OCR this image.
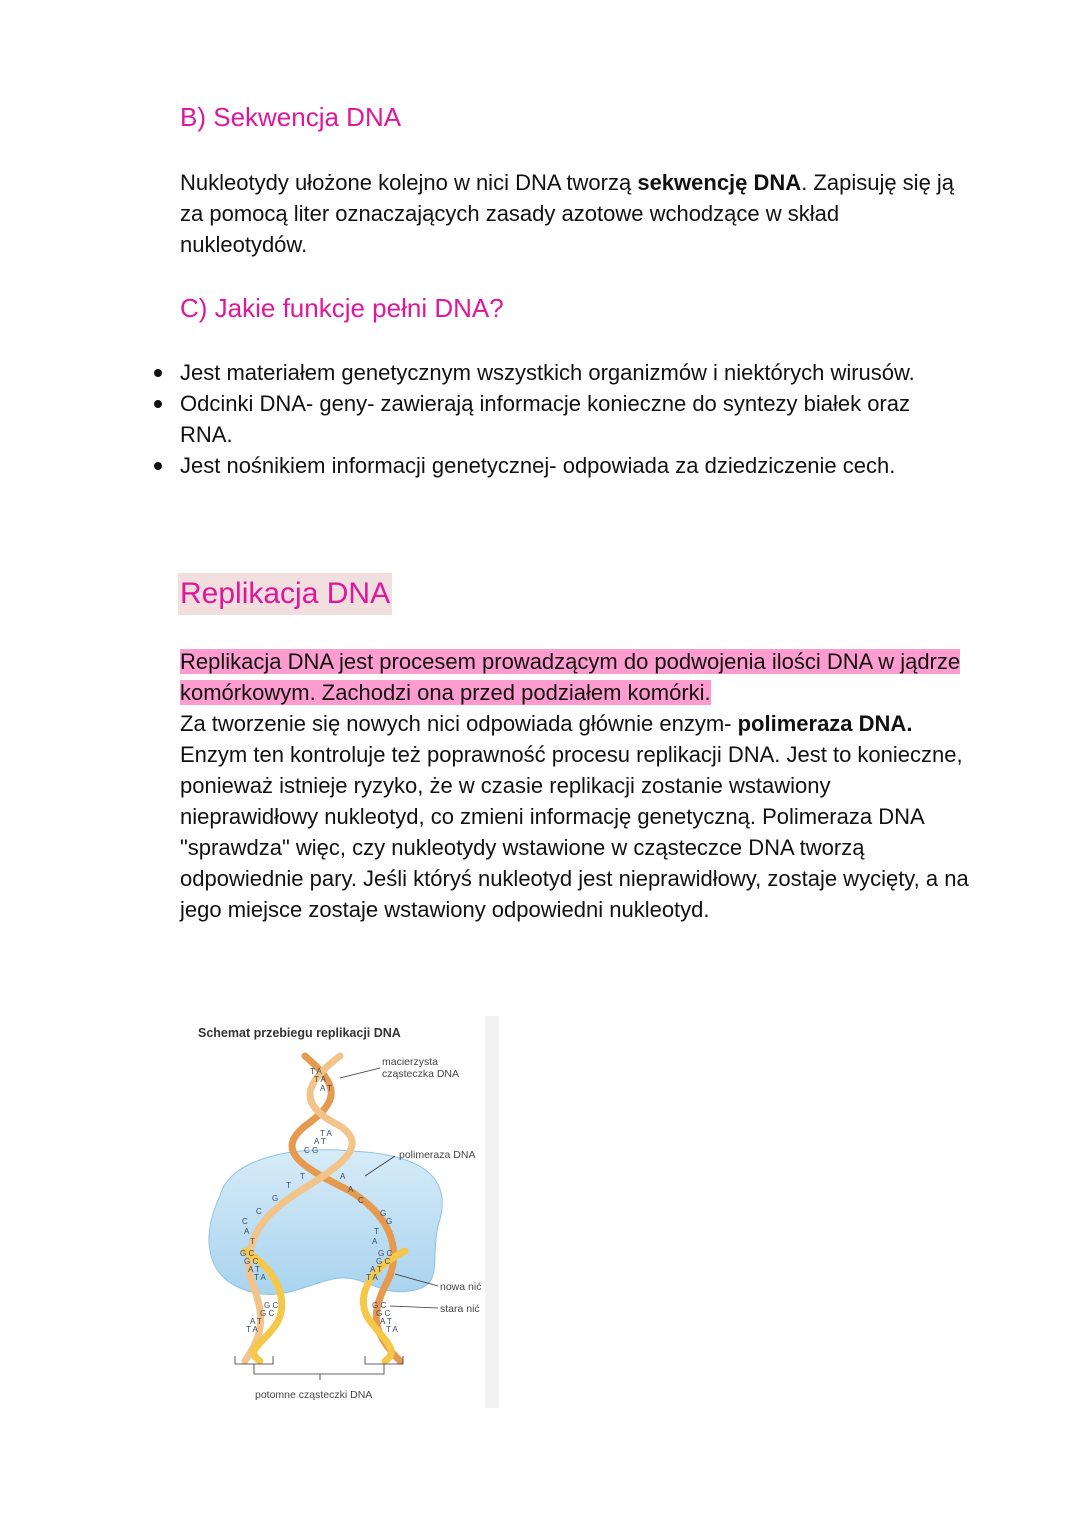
B) Sekwencja DNA
Nukleotydy ułożone kolejno w nici DNA tworzą sekwencję DNA. Zapisuję się ją za pomocą liter oznaczających zasady azotowe wchodzące w skład nukleotydów.
C) Jakie funkcje pełni DNA?
Jest materiałem genetycznym wszystkich organizmów i niektórych wirusów.
Odcinki DNA- geny- zawierają informacje konieczne do syntezy białek oraz RNA.
Jest nośnikiem informacji genetycznej- odpowiada za dziedziczenie cech.
Replikacja DNA
Replikacja DNA jest procesem prowadzącym do podwojenia ilości DNA w jądrze komórkowym. Zachodzi ona przed podziałem komórki.
Za tworzenie się nowych nici odpowiada głównie enzym- polimeraza DNA. Enzym ten kontroluje też poprawność procesu replikacji DNA. Jest to konieczne, ponieważ istnieje ryzyko, że w czasie replikacji zostanie wstawiony nieprawidłowy nukleotyd, co zmieni informację genetyczną. Polimeraza DNA "sprawdza" więc, czy nukleotydy wstawione w cząsteczce DNA tworzą odpowiednie pary. Jeśli któryś nukleotyd jest nieprawidłowy, zostaje wycięty, a na jego miejsce zostaje wstawiony odpowiedni nukleotyd.
Schemat przebiegu replikacji DNA
T A
T A
A T
T A
A T
C G
T	A
T	A
G	C
C	G
C	G
A	T
T	A
G C
G C
A T
T A
G C
G C
A T
T A
G C
G C
A T
T A
G C
G C
A T
T A
macierzysta
cząsteczka DNA
polimeraza DNA
nowa nić
stara nić
potomne cząsteczki DNA
